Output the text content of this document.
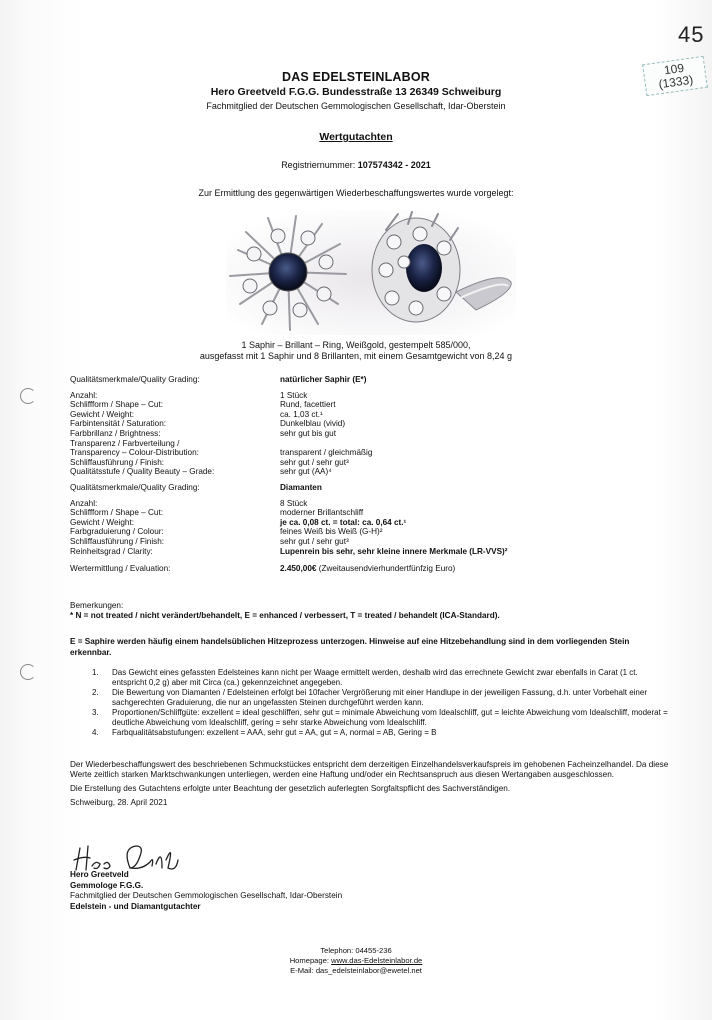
45
109 (1333)
DAS EDELSTEINLABOR
Hero Greetveld F.G.G. Bundesstraße 13 26349 Schweiburg
Fachmitglied der Deutschen Gemmologischen Gesellschaft, Idar-Oberstein
Wertgutachten
Registriernummer: 107574342 - 2021
Zur Ermittlung des gegenwärtigen Wiederbeschaffungswertes wurde vorgelegt:
1 Saphir – Brillant – Ring, Weißgold, gestempelt 585/000,
ausgefasst mit 1 Saphir und 8 Brillanten, mit einem Gesamtgewicht von 8,24 g
Qualitätsmerkmale/Quality Grading:	natürlicher Saphir (E*)
Anzahl:	1 Stück
Schliffform / Shape – Cut:	Rund, facettiert
Gewicht / Weight:	ca. 1,03 ct.¹
Farbintensität / Saturation:	Dunkelblau (vivid)
Farbbrillanz / Brightness:	sehr gut bis gut
Transparenz / Farbverteilung /
Transparency – Colour-Distribution:	transparent / gleichmäßig
Schliffausführung / Finish:	sehr gut / sehr gut³
Qualitätsstufe / Quality Beauty – Grade:	sehr gut (AA)⁴
Qualitätsmerkmale/Quality Grading:	Diamanten
Anzahl:	8 Stück
Schliffform / Shape – Cut:	moderner Brillantschliff
Gewicht / Weight:	je ca. 0,08 ct. = total: ca. 0,64 ct.¹
Farbgraduierung / Colour:	feines Weiß bis Weiß (G-H)²
Schliffausführung / Finish:	sehr gut / sehr gut³
Reinheitsgrad / Clarity:	Lupenrein bis sehr, sehr kleine innere Merkmale (LR-VVS)²
Wertermittlung / Evaluation:	2.450,00€ (Zweitausendvierhundertfünfzig Euro)
Bemerkungen:
* N = not treated / nicht verändert/behandelt, E = enhanced / verbessert, T = treated / behandelt (ICA-Standard).
E = Saphire werden häufig einem handelsüblichen Hitzeprozess unterzogen. Hinweise auf eine Hitzebehandlung sind in dem vorliegenden Stein erkennbar.
1. Das Gewicht eines gefassten Edelsteines kann nicht per Waage ermittelt werden, deshalb wird das errechnete Gewicht zwar ebenfalls in Carat (1 ct. entspricht 0,2 g) aber mit Circa (ca.) gekennzeichnet angegeben.
2. Die Bewertung von Diamanten / Edelsteinen erfolgt bei 10facher Vergrößerung mit einer Handlupe in der jeweiligen Fassung, d.h. unter Vorbehalt einer sachgerechten Graduierung, die nur an ungefassten Steinen durchgeführt werden kann.
3. Proportionen/Schliffgüte: exzellent = ideal geschliffen, sehr gut = minimale Abweichung vom Idealschliff, gut = leichte Abweichung vom Idealschliff, moderat = deutliche Abweichung vom Idealschliff, gering = sehr starke Abweichung vom Idealschliff.
4. Farbqualitätsabstufungen: exzellent = AAA, sehr gut = AA, gut = A, normal = AB, Gering = B
Der Wiederbeschaffungswert des beschriebenen Schmuckstückes entspricht dem derzeitigen Einzelhandelsverkaufspreis im gehobenen Facheinzelhandel. Da diese Werte zeitlich starken Marktschwankungen unterliegen, werden eine Haftung und/oder ein Rechtsanspruch aus diesen Wertangaben ausgeschlossen.
Die Erstellung des Gutachtens erfolgte unter Beachtung der gesetzlich auferlegten Sorgfaltspflicht des Sachverständigen.
Schweiburg, 28. April 2021
Hero Greetveld
Gemmologe F.G.G.
Fachmitglied der Deutschen Gemmologischen Gesellschaft, Idar-Oberstein
Edelstein - und Diamantgutachter
Telephon: 04455-236
Homepage: www.das-Edelsteinlabor.de
E-Mail: das_edelsteinlabor@ewetel.net
